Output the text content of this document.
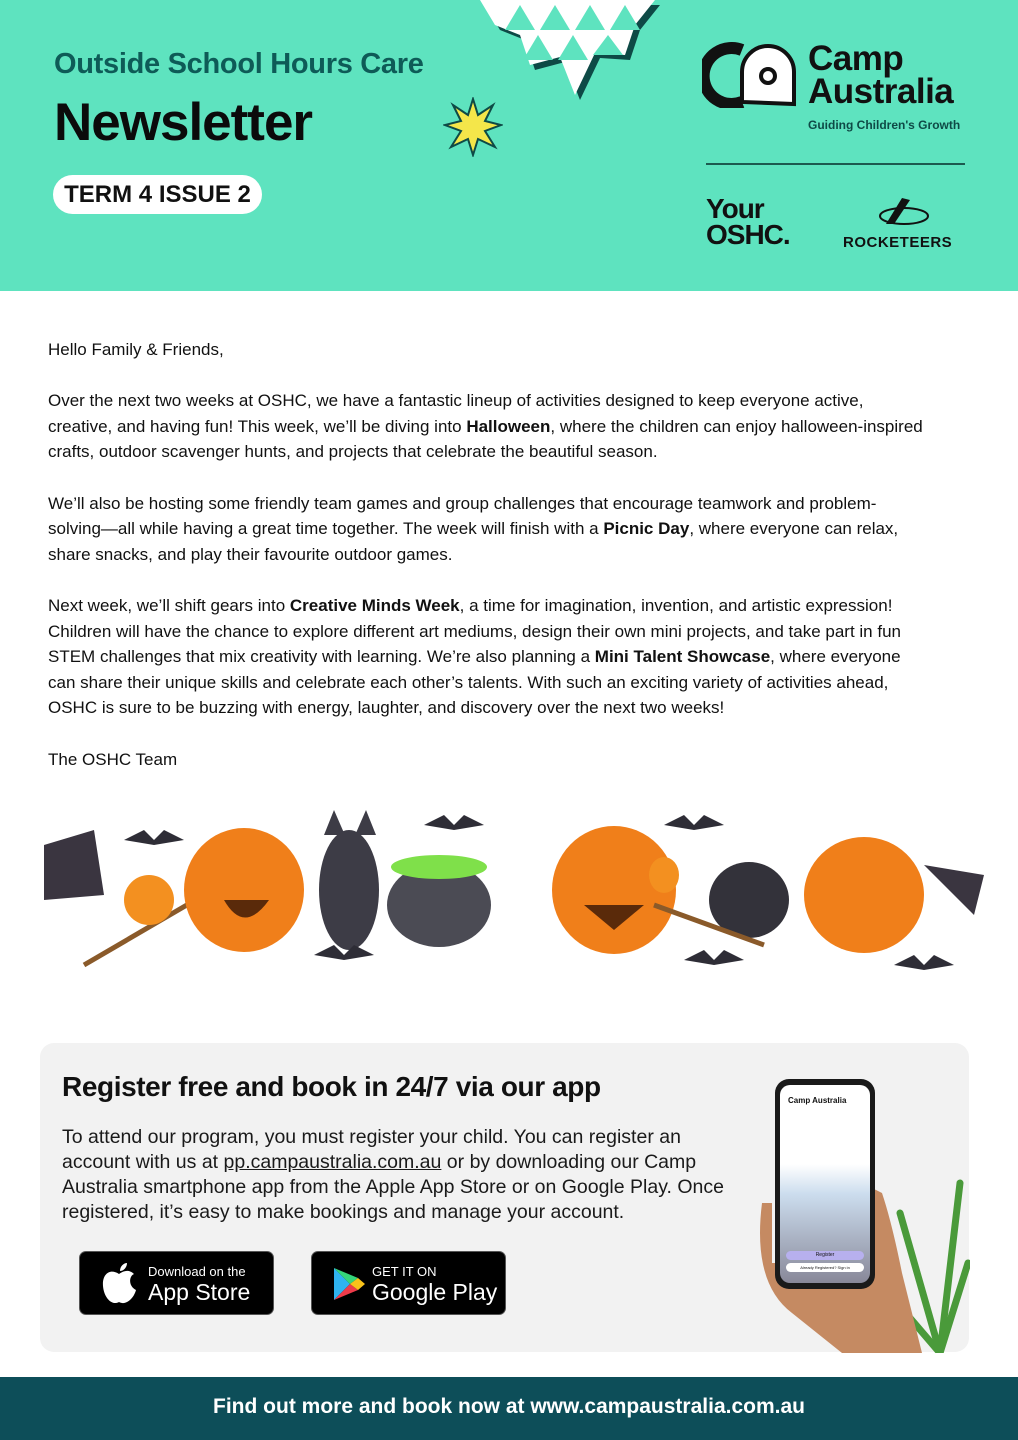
Outside School Hours Care
Newsletter
TERM 4 ISSUE 2
Camp
Australia
Guiding Children's Growth
Your
OSHC.	ROCKETEERS

Hello Family & Friends,

Over the next two weeks at OSHC, we have a fantastic lineup of activities designed to keep everyone active, creative, and having fun! This week, we’ll be diving into Halloween, where the children can enjoy halloween-inspired crafts, outdoor scavenger hunts, and projects that celebrate the beautiful season.

We’ll also be hosting some friendly team games and group challenges that encourage teamwork and problem-solving—all while having a great time together. The week will finish with a Picnic Day, where everyone can relax, share snacks, and play their favourite outdoor games.

Next week, we’ll shift gears into Creative Minds Week, a time for imagination, invention, and artistic expression! Children will have the chance to explore different art mediums, design their own mini projects, and take part in fun STEM challenges that mix creativity with learning. We’re also planning a Mini Talent Showcase, where everyone can share their unique skills and celebrate each other’s talents. With such an exciting variety of activities ahead, OSHC is sure to be buzzing with energy, laughter, and discovery over the next two weeks!

The OSHC Team

Register free and book in 24/7 via our app
To attend our program, you must register your child. You can register an account with us at pp.campaustralia.com.au or by downloading our Camp Australia smartphone app from the Apple App Store or on Google Play. Once registered, it’s easy to make bookings and manage your account.
Download on the
App Store
GET IT ON
Google Play
Camp Australia
Register
Already Registered? Sign in
Find out more and book now at www.campaustralia.com.au
